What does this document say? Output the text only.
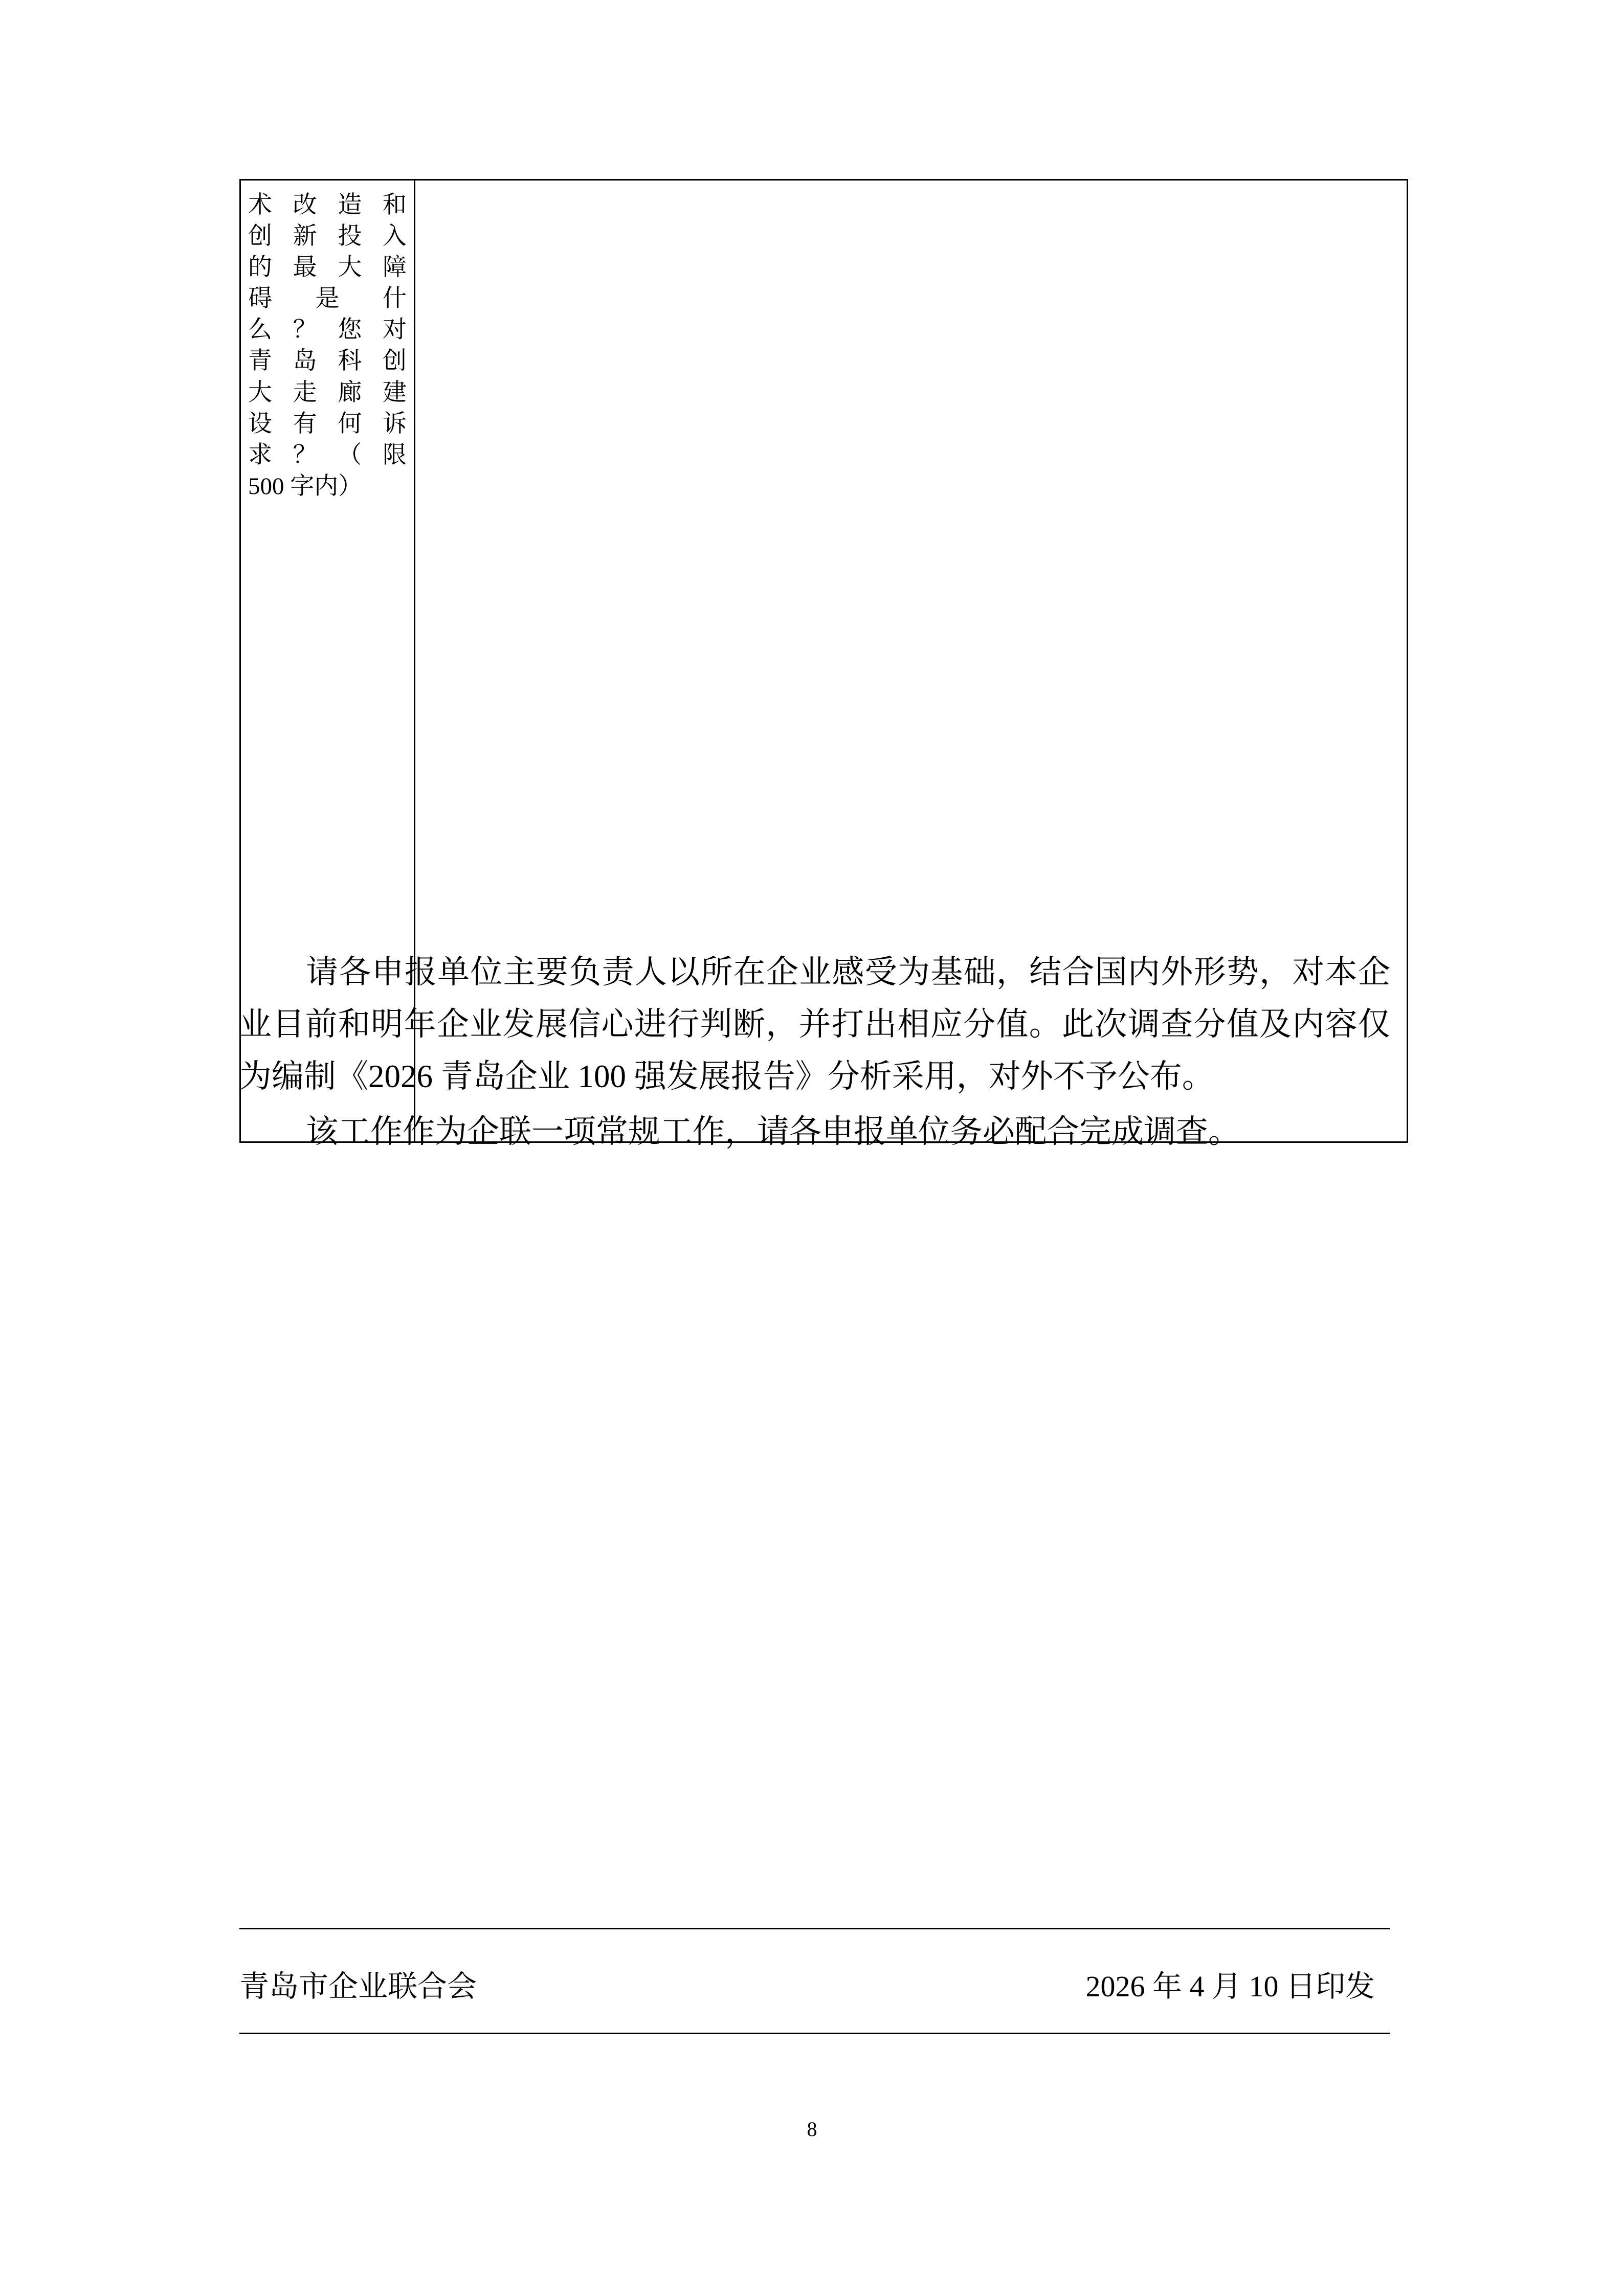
术改造和
创新投入
的最大障
碍是什
么？您对
青岛科创
大走廊建
设有何诉
求？（限
500 字内）

请各申报单位主要负责人以所在企业感受为基础，结合国内外形势，对本企业目前和明年企业发展信心进行判断，并打出相应分值。此次调查分值及内容仅为编制《2026 青岛企业 100 强发展报告》分析采用，对外不予公布。

该工作作为企联一项常规工作，请各申报单位务必配合完成调查。

青岛市企业联合会	2026 年 4 月 10 日印发
8
